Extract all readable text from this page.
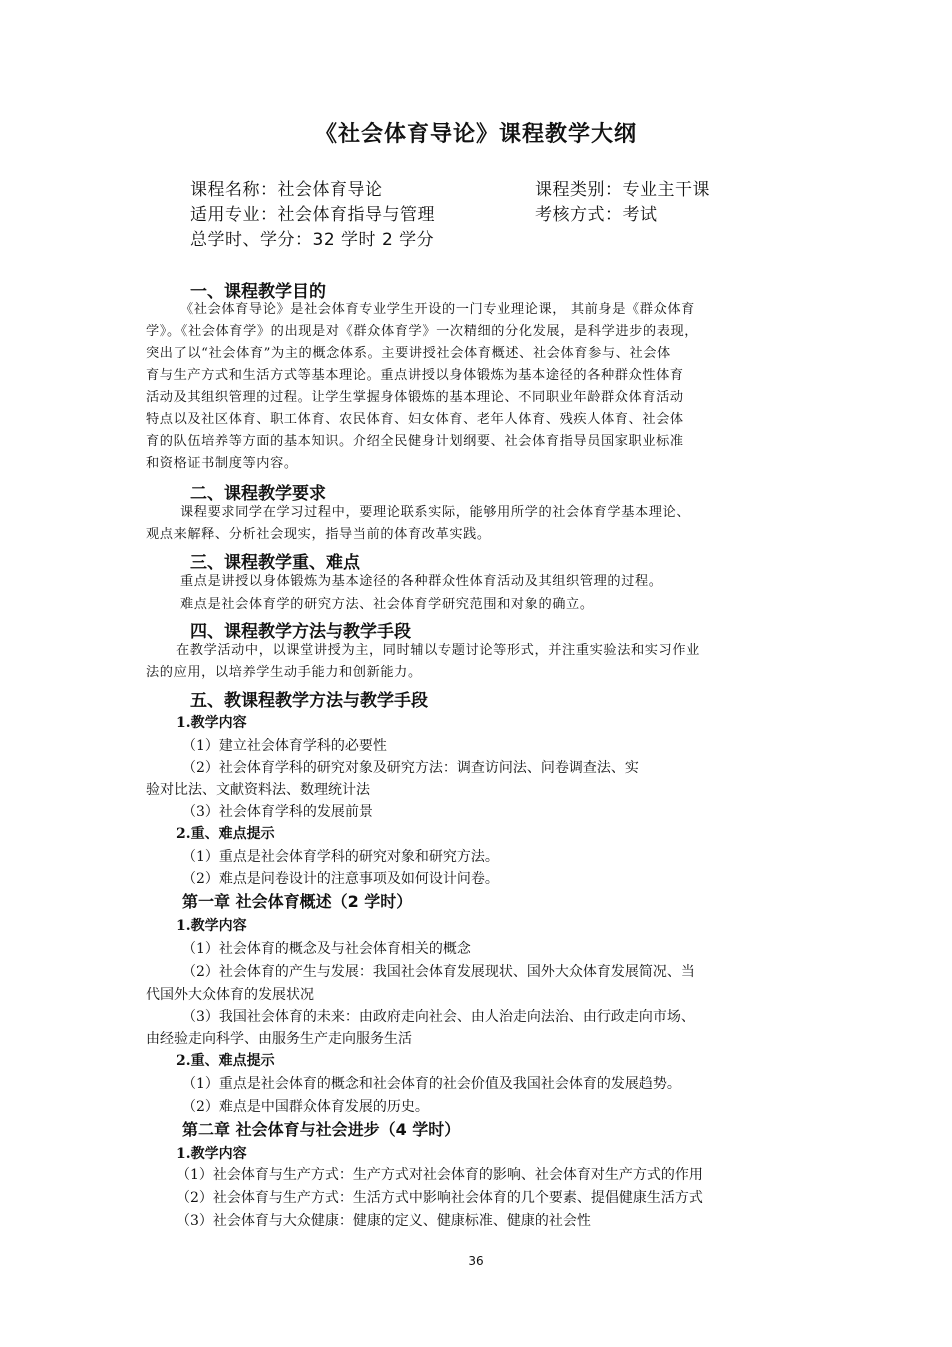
《社会体育导论》课程教学大纲
课程名称：社会体育导论	课程类别：专业主干课
适用专业：社会体育指导与管理	考核方式：考试
总学时、学分：32 学时 2 学分
一、课程教学目的
《社会体育导论》是社会体育专业学生开设的一门专业理论课， 其前身是《群众体育
学》。《社会体育学》的出现是对《群众体育学》一次精细的分化发展，是科学进步的表现，
突出了以“社会体育”为主的概念体系。主要讲授社会体育概述、社会体育参与、社会体
育与生产方式和生活方式等基本理论。重点讲授以身体锻炼为基本途径的各种群众性体育
活动及其组织管理的过程。让学生掌握身体锻炼的基本理论、不同职业年龄群众体育活动
特点以及社区体育、职工体育、农民体育、妇女体育、老年人体育、残疾人体育、社会体
育的队伍培养等方面的基本知识。介绍全民健身计划纲要、社会体育指导员国家职业标准
和资格证书制度等内容。
二、课程教学要求
课程要求同学在学习过程中，要理论联系实际，能够用所学的社会体育学基本理论、
观点来解释、分析社会现实，指导当前的体育改革实践。
三、课程教学重、难点
重点是讲授以身体锻炼为基本途径的各种群众性体育活动及其组织管理的过程。
难点是社会体育学的研究方法、社会体育学研究范围和对象的确立。
四、课程教学方法与教学手段
在教学活动中，以课堂讲授为主，同时辅以专题讨论等形式，并注重实验法和实习作业
法的应用，以培养学生动手能力和创新能力。
五、教课程教学方法与教学手段
1.教学内容
（1）建立社会体育学科的必要性
（2）社会体育学科的研究对象及研究方法：调查访问法、问卷调查法、实
验对比法、文献资料法、数理统计法
（3）社会体育学科的发展前景
2.重、难点提示
（1）重点是社会体育学科的研究对象和研究方法。
（2）难点是问卷设计的注意事项及如何设计问卷。
第一章 社会体育概述（2 学时）
1.教学内容
（1）社会体育的概念及与社会体育相关的概念
（2）社会体育的产生与发展：我国社会体育发展现状、国外大众体育发展简况、当
代国外大众体育的发展状况
（3）我国社会体育的未来：由政府走向社会、由人治走向法治、由行政走向市场、
由经验走向科学、由服务生产走向服务生活
2.重、难点提示
（1）重点是社会体育的概念和社会体育的社会价值及我国社会体育的发展趋势。
（2）难点是中国群众体育发展的历史。
第二章 社会体育与社会进步（4 学时）
1.教学内容
（1）社会体育与生产方式：生产方式对社会体育的影响、社会体育对生产方式的作用
（2）社会体育与生产方式：生活方式中影响社会体育的几个要素、提倡健康生活方式
（3）社会体育与大众健康：健康的定义、健康标准、健康的社会性
36
